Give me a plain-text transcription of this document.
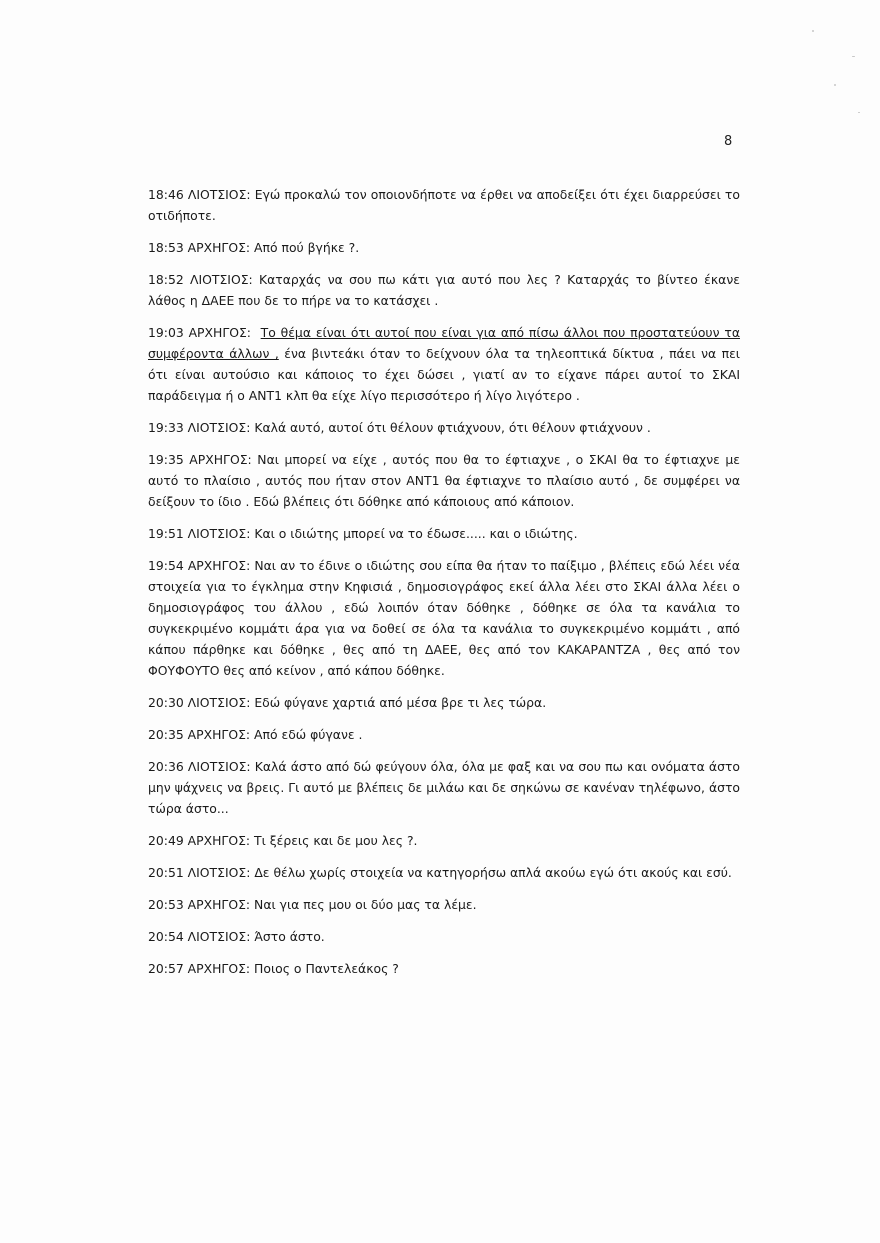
8

18:46 ΛΙΟΤΣΙΟΣ: Εγώ προκαλώ τον οποιονδήποτε να έρθει να αποδείξει ότι έχει διαρρεύσει το οτιδήποτε.

18:53 ΑΡΧΗΓΟΣ: Από πού βγήκε ?.

18:52 ΛΙΟΤΣΙΟΣ: Καταρχάς να σου πω κάτι για αυτό που λες ? Καταρχάς το βίντεο έκανε λάθος η ΔΑΕΕ που δε το πήρε να το κατάσχει .

19:03 ΑΡΧΗΓΟΣ: Το θέμα είναι ότι αυτοί που είναι για από πίσω άλλοι που προστατεύουν τα συμφέροντα άλλων , ένα βιντεάκι όταν το δείχνουν όλα τα τηλεοπτικά δίκτυα , πάει να πει ότι είναι αυτούσιο και κάποιος το έχει δώσει , γιατί αν το είχανε πάρει αυτοί το ΣΚΑΙ παράδειγμα ή ο ΑΝΤ1 κλπ θα είχε λίγο περισσότερο ή λίγο λιγότερο .

19:33 ΛΙΟΤΣΙΟΣ: Καλά αυτό, αυτοί ότι θέλουν φτιάχνουν, ότι θέλουν φτιάχνουν .

19:35 ΑΡΧΗΓΟΣ: Ναι μπορεί να είχε , αυτός που θα το έφτιαχνε , ο ΣΚΑΙ θα το έφτιαχνε με αυτό το πλαίσιο , αυτός που ήταν στον ΑΝΤ1 θα έφτιαχνε το πλαίσιο αυτό , δε συμφέρει να δείξουν το ίδιο . Εδώ βλέπεις ότι δόθηκε από κάποιους από κάποιον.

19:51 ΛΙΟΤΣΙΟΣ: Και ο ιδιώτης μπορεί να το έδωσε..... και ο ιδιώτης.

19:54 ΑΡΧΗΓΟΣ: Ναι αν το έδινε ο ιδιώτης σου είπα θα ήταν το παίξιμο , βλέπεις εδώ λέει νέα στοιχεία για το έγκλημα στην Κηφισιά , δημοσιογράφος εκεί άλλα λέει στο ΣΚΑΙ άλλα λέει ο δημοσιογράφος του άλλου , εδώ λοιπόν όταν δόθηκε , δόθηκε σε όλα τα κανάλια το συγκεκριμένο κομμάτι άρα για να δοθεί σε όλα τα κανάλια το συγκεκριμένο κομμάτι , από κάπου πάρθηκε και δόθηκε , θες από τη ΔΑΕΕ, θες από τον ΚΑΚΑΡΑΝΤΖΑ , θες από τον ΦΟΥΦΟΥΤΟ θες από κείνον , από κάπου δόθηκε.

20:30 ΛΙΟΤΣΙΟΣ: Εδώ φύγανε χαρτιά από μέσα βρε τι λες τώρα.

20:35 ΑΡΧΗΓΟΣ: Από εδώ φύγανε .

20:36 ΛΙΟΤΣΙΟΣ: Καλά άστο από δώ φεύγουν όλα, όλα με φαξ και να σου πω και ονόματα άστο μην ψάχνεις να βρεις. Γι αυτό με βλέπεις δε μιλάω και δε σηκώνω σε κανέναν τηλέφωνο, άστο τώρα άστο...

20:49 ΑΡΧΗΓΟΣ: Τι ξέρεις και δε μου λες ?.

20:51 ΛΙΟΤΣΙΟΣ: Δε θέλω χωρίς στοιχεία να κατηγορήσω απλά ακούω εγώ ότι ακούς και εσύ.

20:53 ΑΡΧΗΓΟΣ: Ναι για πες μου οι δύο μας τα λέμε.

20:54 ΛΙΟΤΣΙΟΣ: Άστο άστο.

20:57 ΑΡΧΗΓΟΣ: Ποιος ο Παντελεάκος ?
